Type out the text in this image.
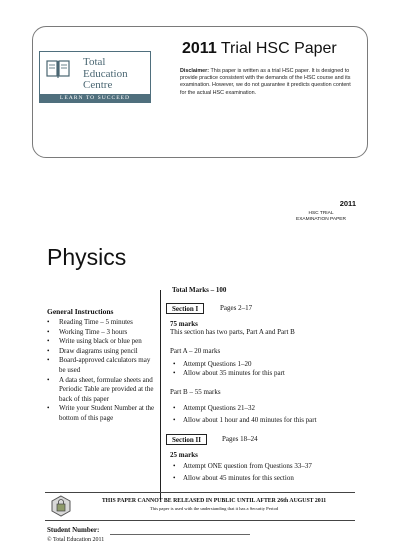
2011 Trial HSC Paper
Disclaimer: This paper is written as a trial HSC paper. It is designed to provide practice consistent with the demands of the HSC course and its examination. However, we do not guarantee it predicts question content for the actual HSC examination.
Total Education Centre
LEARN TO SUCCEED
2011
HSC TRIAL
EXAMINATION PAPER
Physics
General Instructions
• Reading Time – 5 minutes
• Working Time – 3 hours
• Write using black or blue pen
• Draw diagrams using pencil
• Board-approved calculators may be used
• A data sheet, formulae sheets and Periodic Table are provided at the back of this paper
• Write your Student Number at the bottom of this page
Total Marks – 100
Section I	Pages 2–17
75 marks
This section has two parts, Part A and Part B
Part A – 20 marks
• Attempt Questions 1–20
• Allow about 35 minutes for this part
Part B – 55 marks
• Attempt Questions 21–32
• Allow about 1 hour and 40 minutes for this part
Section II	Pages 18–24
25 marks
• Attempt ONE question from Questions 33–37
• Allow about 45 minutes for this section
THIS PAPER CANNOT BE RELEASED IN PUBLIC UNTIL AFTER 26th AUGUST 2011
This paper is used with the understanding that it has a Security Period
Student Number:
© Total Education 2011
